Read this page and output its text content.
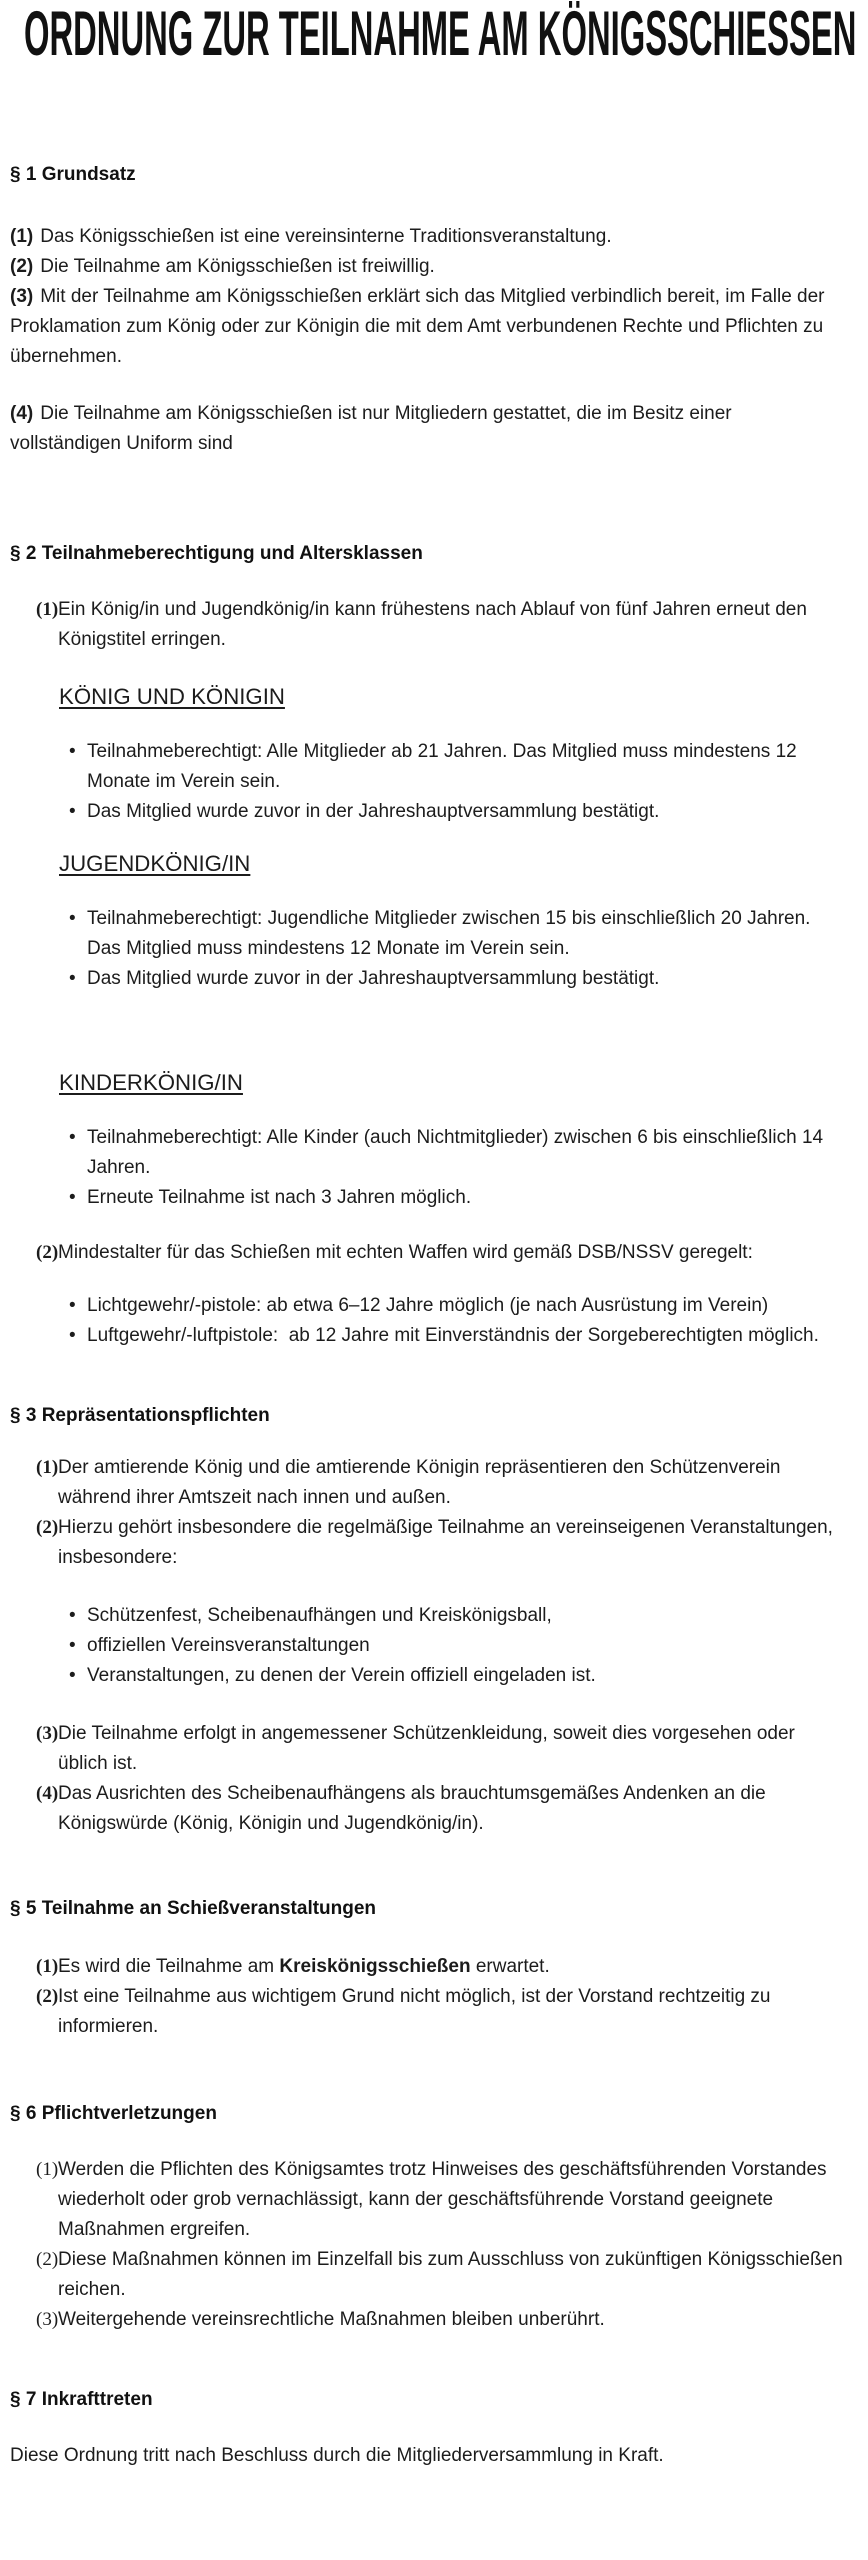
ORDNUNG ZUR TEILNAHME AM KÖNIGSSCHIESSEN
§ 1 Grundsatz

(1) Das Königsschießen ist eine vereinsinterne Traditionsveranstaltung.

(2) Die Teilnahme am Königsschießen ist freiwillig.

(3) Mit der Teilnahme am Königsschießen erklärt sich das Mitglied verbindlich bereit, im Falle der Proklamation zum König oder zur Königin die mit dem Amt verbundenen Rechte und Pflichten zu übernehmen.

(4) Die Teilnahme am Königsschießen ist nur Mitgliedern gestattet, die im Besitz einer vollständigen Uniform sind

§ 2 Teilnahmeberechtigung und Altersklassen
(1) Ein König/in und Jugendkönig/in kann frühestens nach Ablauf von fünf Jahren erneut den Königstitel erringen.
KÖNIG UND KÖNIGIN
• Teilnahmeberechtigt: Alle Mitglieder ab 21 Jahren. Das Mitglied muss mindestens 12 Monate im Verein sein.
• Das Mitglied wurde zuvor in der Jahreshauptversammlung bestätigt.
JUGENDKÖNIG/IN
• Teilnahmeberechtigt: Jugendliche Mitglieder zwischen 15 bis einschließlich 20 Jahren. Das Mitglied muss mindestens 12 Monate im Verein sein.
• Das Mitglied wurde zuvor in der Jahreshauptversammlung bestätigt.
KINDERKÖNIG/IN
• Teilnahmeberechtigt: Alle Kinder (auch Nichtmitglieder) zwischen 6 bis einschließlich 14 Jahren.
• Erneute Teilnahme ist nach 3 Jahren möglich.
(2) Mindestalter für das Schießen mit echten Waffen wird gemäß DSB/NSSV geregelt:
• Lichtgewehr/-pistole: ab etwa 6–12 Jahre möglich (je nach Ausrüstung im Verein)
• Luftgewehr/-luftpistole:  ab 12 Jahre mit Einverständnis der Sorgeberechtigten möglich.
§ 3 Repräsentationspflichten
(1) Der amtierende König und die amtierende Königin repräsentieren den Schützenverein während ihrer Amtszeit nach innen und außen.
(2) Hierzu gehört insbesondere die regelmäßige Teilnahme an vereinseigenen Veranstaltungen, insbesondere:
• Schützenfest, Scheibenaufhängen und Kreiskönigsball,
• offiziellen Vereinsveranstaltungen
• Veranstaltungen, zu denen der Verein offiziell eingeladen ist.
(3) Die Teilnahme erfolgt in angemessener Schützenkleidung, soweit dies vorgesehen oder üblich ist.
(4) Das Ausrichten des Scheibenaufhängens als brauchtumsgemäßes Andenken an die Königswürde (König, Königin und Jugendkönig/in).
§ 5 Teilnahme an Schießveranstaltungen
(1) Es wird die Teilnahme am Kreiskönigsschießen erwartet.
(2) Ist eine Teilnahme aus wichtigem Grund nicht möglich, ist der Vorstand rechtzeitig zu informieren.
§ 6 Pflichtverletzungen
(1) Werden die Pflichten des Königsamtes trotz Hinweises des geschäftsführenden Vorstandes wiederholt oder grob vernachlässigt, kann der geschäftsführende Vorstand geeignete Maßnahmen ergreifen.
(2) Diese Maßnahmen können im Einzelfall bis zum Ausschluss von zukünftigen Königsschießen reichen.
(3) Weitergehende vereinsrechtliche Maßnahmen bleiben unberührt.
§ 7 Inkrafttreten

Diese Ordnung tritt nach Beschluss durch die Mitgliederversammlung in Kraft.
